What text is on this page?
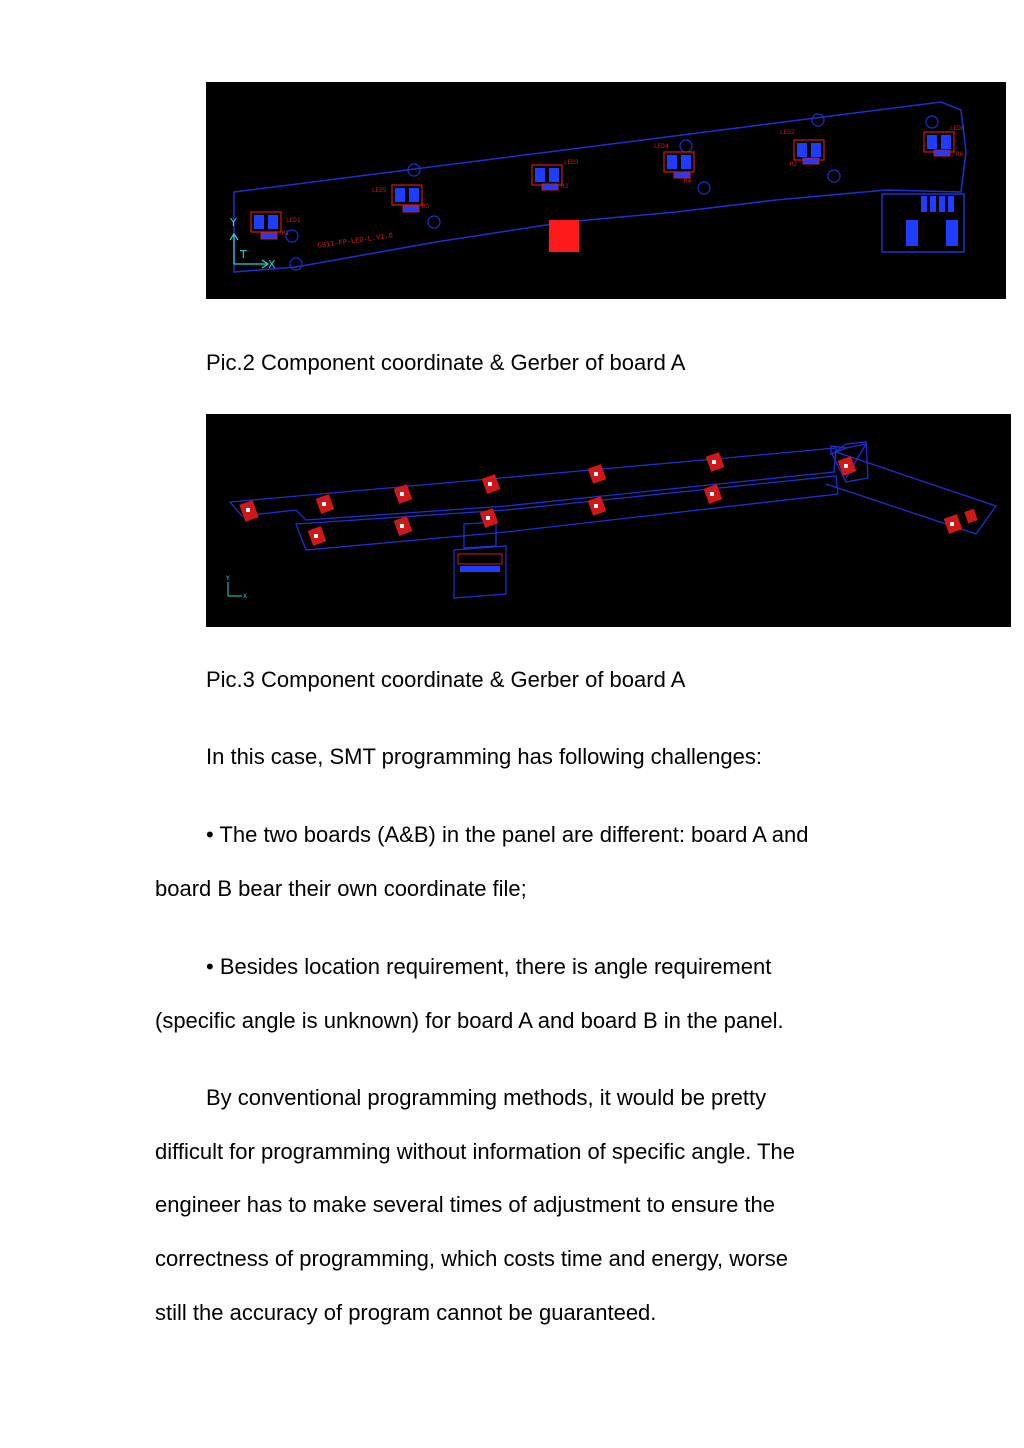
LED1
R1
LED5
R5
LED3
R3
LED4
R4
LED2
R2
LED6
R6
GS11-FP-LED-L.V1.0
Y
X
T
Pic.2 Component coordinate & Gerber of board A
Y
X
Pic.3 Component coordinate & Gerber of board A
In this case, SMT programming has following challenges:
• The two boards (A&B) in the panel are different: board A and
board B bear their own coordinate file;
• Besides location requirement, there is angle requirement
(specific angle is unknown) for board A and board B in the panel.
By conventional programming methods, it would be pretty
difficult for programming without information of specific angle. The
engineer has to make several times of adjustment to ensure the
correctness of programming, which costs time and energy, worse
still the accuracy of program cannot be guaranteed.
